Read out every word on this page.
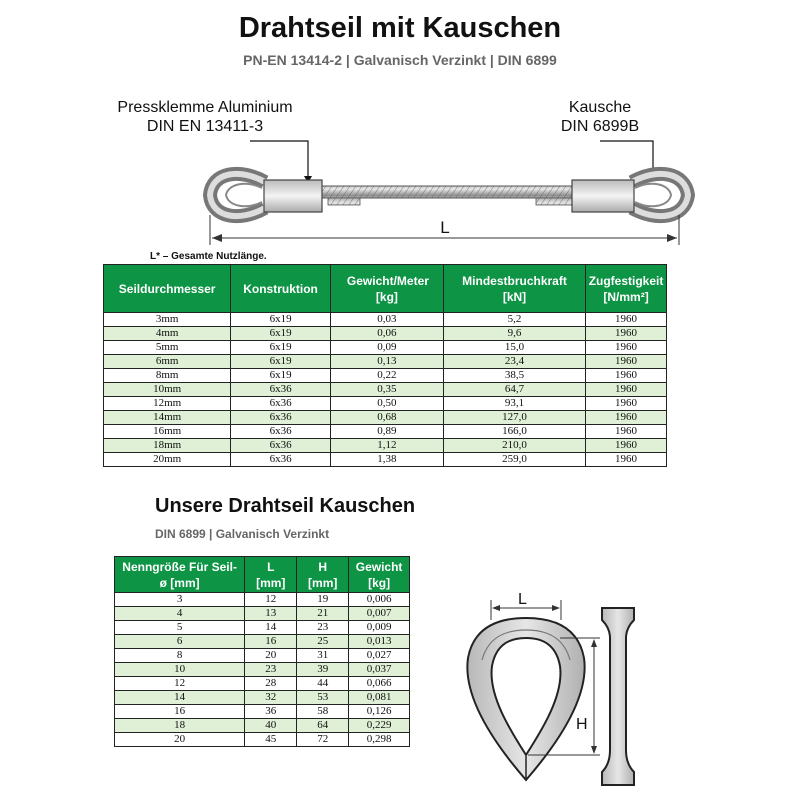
Drahtseil mit Kauschen
PN-EN 13414-2 | Galvanisch Verzinkt | DIN 6899
Pressklemme Aluminium
DIN EN 13411-3
Kausche
DIN 6899B
L
L* – Gesamte Nutzlänge.
Seildurchmesser	Konstruktion	Gewicht/Meter [kg]	Mindestbruchkraft [kN]	Zugfestigkeit [N/mm²]

3mm	6x19	0,03	5,2	1960
4mm	6x19	0,06	9,6	1960
5mm	6x19	0,09	15,0	1960
6mm	6x19	0,13	23,4	1960
8mm	6x19	0,22	38,5	1960
10mm	6x36	0,35	64,7	1960
12mm	6x36	0,50	93,1	1960
14mm	6x36	0,68	127,0	1960
16mm	6x36	0,89	166,0	1960
18mm	6x36	1,12	210,0	1960
20mm	6x36	1,38	259,0	1960
Unsere Drahtseil Kauschen
DIN 6899 | Galvanisch Verzinkt
Nenngröße Für Seil-ø [mm]	L [mm]	H [mm]	Gewicht [kg]

3	12	19	0,006
4	13	21	0,007
5	14	23	0,009
6	16	25	0,013
8	20	31	0,027
10	23	39	0,037
12	28	44	0,066
14	32	53	0,081
16	36	58	0,126
18	40	64	0,229
20	45	72	0,298
L
H
